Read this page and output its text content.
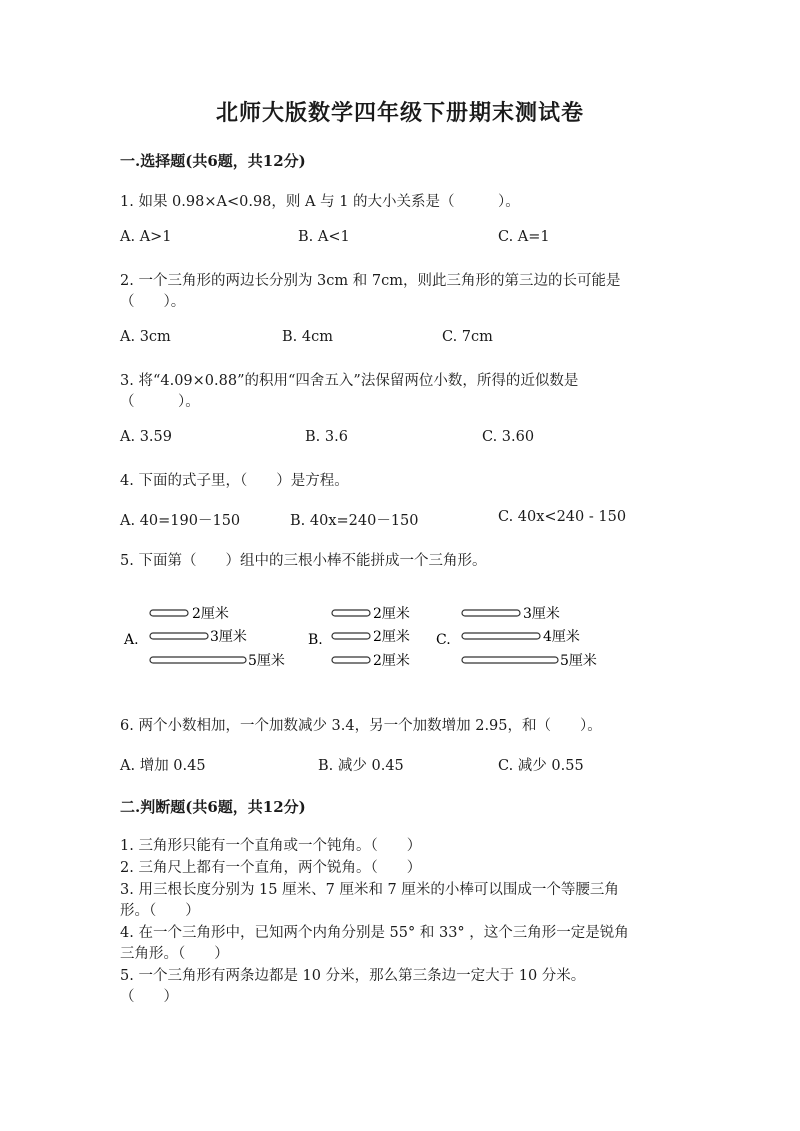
北师大版数学四年级下册期末测试卷
一.选择题(共6题，共12分)
1. 如果 0.98×A<0.98，则 A 与 1 的大小关系是（　　　）。
A. A>1	B. A<1	C. A=1
2. 一个三角形的两边长分别为 3cm 和 7cm，则此三角形的第三边的长可能是
（　　）。
A. 3cm	B. 4cm	C. 7cm
3. 将“4.09×0.88”的积用“四舍五入”法保留两位小数，所得的近似数是
（　　　）。
A. 3.59	B. 3.6	C. 3.60
4. 下面的式子里，（　　）是方程。
A. 40=190－150	B. 40x=240－150	C. 40x<240 - 150
5. 下面第（　　）组中的三根小棒不能拼成一个三角形。
A.
2厘米
3厘米
5厘米
B.
2厘米
2厘米
2厘米
C.
3厘米
4厘米
5厘米
6. 两个小数相加，一个加数减少 3.4，另一个加数增加 2.95，和（　　）。
A. 增加 0.45	B. 减少 0.45	C. 减少 0.55
二.判断题(共6题，共12分)
1. 三角形只能有一个直角或一个钝角。（　　）
2. 三角尺上都有一个直角，两个锐角。（　　）
3. 用三根长度分别为 15 厘米、7 厘米和 7 厘米的小棒可以围成一个等腰三角
形。（　　）
4. 在一个三角形中，已知两个内角分别是 55° 和 33° ，这个三角形一定是锐角
三角形。（　　）
5. 一个三角形有两条边都是 10 分米，那么第三条边一定大于 10 分米。
（　　）
